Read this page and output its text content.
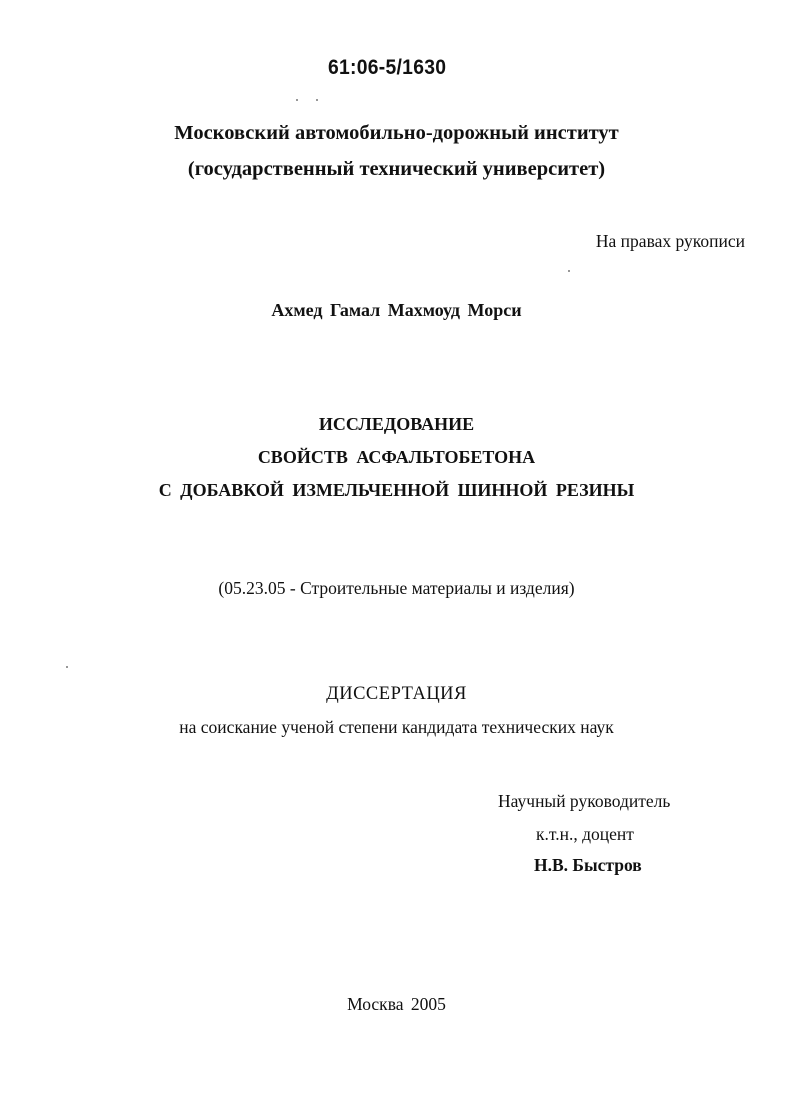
61:06-5/1630
Московский автомобильно-дорожный институт
(государственный технический университет)
На правах рукописи
Ахмед Гамал Махмоуд Морси
ИССЛЕДОВАНИЕ
СВОЙСТВ АСФАЛЬТОБЕТОНА
С ДОБАВКОЙ ИЗМЕЛЬЧЕННОЙ ШИННОЙ РЕЗИНЫ
(05.23.05 - Строительные материалы и изделия)
ДИССЕРТАЦИЯ
на соискание ученой степени кандидата технических наук
Научный руководитель
к.т.н., доцент
Н.В. Быстров
Москва 2005
